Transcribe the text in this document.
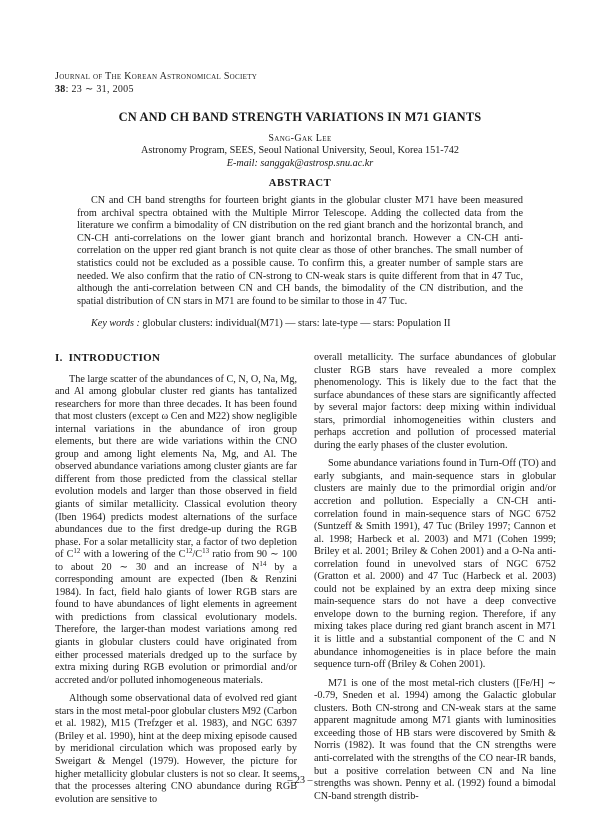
Journal of The Korean Astronomical Society
38: 23 ∼ 31, 2005
CN AND CH BAND STRENGTH VARIATIONS IN M71 GIANTS
Sang-Gak Lee
Astronomy Program, SEES, Seoul National University, Seoul, Korea 151-742
E-mail: sanggak@astrosp.snu.ac.kr
ABSTRACT

CN and CH band strengths for fourteen bright giants in the globular cluster M71 have been measured from archival spectra obtained with the Multiple Mirror Telescope. Adding the collected data from the literature we confirm a bimodality of CN distribution on the red giant branch and the horizontal branch, and CN-CH anti-correlations on the lower giant branch and horizontal branch. However a CN-CH anti-correlation on the upper red giant branch is not quite clear as those of other branches. The small number of statistics could not be excluded as a possible cause. To confirm this, a greater number of sample stars are needed. We also confirm that the ratio of CN-strong to CN-weak stars is quite different from that in 47 Tuc, although the anti-correlation between CN and CH bands, the bimodality of the CN distribution, and the spatial distribution of CN stars in M71 are found to be similar to those in 47 Tuc.

Key words : globular clusters: individual(M71) — stars: late-type — stars: Population II

I. INTRODUCTION

The large scatter of the abundances of C, N, O, Na, Mg, and Al among globular cluster red giants has tantalized researchers for more than three decades. It has been found that most clusters (except ω Cen and M22) show negligible internal variations in the abundance of iron group elements, but there are wide variations within the CNO group and among light elements Na, Mg, and Al. The observed abundance variations among cluster giants are far different from those predicted from the classical stellar evolution models and larger than those observed in field giants of similar metallicity. Classical evolution theory (Iben 1964) predicts modest alternations of the surface abundances due to the first dredge-up during the RGB phase. For a solar metallicity star, a factor of two depletion of $C^{12}$ with a lowering of the $C^{12}/C^{13}$ ratio from 90 ∼ 100 to about 20 ∼ 30 and an increase of $N^{14}$ by a corresponding amount are expected (Iben & Renzini 1984). In fact, field halo giants of lower RGB stars are found to have abundances of light elements in agreement with predictions from classical evolutionary models. Therefore, the larger-than modest variations among red giants in globular clusters could have originated from either processed materials dredged up to the surface by extra mixing during RGB evolution or primordial and/or accreted and/or polluted inhomogeneous materials.

Although some observational data of evolved red giant stars in the most metal-poor globular clusters M92 (Carbon et al. 1982), M15 (Trefzger et al. 1983), and NGC 6397 (Briley et al. 1990), hint at the deep mixing episode caused by meridional circulation which was proposed early by Sweigart & Mengel (1979). However, the picture for higher metallicity globular clusters is not so clear. It seems that the processes altering CNO abundance during RGB evolution are sensitive to

overall metallicity. The surface abundances of globular cluster RGB stars have revealed a more complex phenomenology. This is likely due to the fact that the surface abundances of these stars are significantly affected by several major factors: deep mixing within individual stars, primordial inhomogeneities within clusters and perhaps accretion and pollution of processed material during the early phases of the cluster evolution.

Some abundance variations found in Turn-Off (TO) and early subgiants, and main-sequence stars in globular clusters are mainly due to the primordial origin and/or accretion and pollution. Especially a CN-CH anti-correlation found in main-sequence stars of NGC 6752 (Suntzeff & Smith 1991), 47 Tuc (Briley 1997; Cannon et al. 1998; Harbeck et al. 2003) and M71 (Cohen 1999; Briley et al. 2001; Briley & Cohen 2001) and a O-Na anti-correlation found in unevolved stars of NGC 6752 (Gratton et al. 2000) and 47 Tuc (Harbeck et al. 2003) could not be explained by an extra deep mixing since main-sequence stars do not have a deep convective envelope down to the burning region. Therefore, if any mixing takes place during red giant branch ascent in M71 it is little and a substantial component of the C and N abundance inhomogeneities is in place before the main sequence turn-off (Briley & Cohen 2001).

M71 is one of the most metal-rich clusters ([Fe/H] ∼ -0.79, Sneden et al. 1994) among the Galactic globular clusters. Both CN-strong and CN-weak stars at the same apparent magnitude among M71 giants with luminosities exceeding those of HB stars were discovered by Smith & Norris (1982). It was found that the CN strengths were anti-correlated with the strengths of the CO near-IR bands, but a positive correlation between CN and Na line strengths was shown. Penny et al. (1992) found a bimodal CN-band strength distrib-

– 23 –
